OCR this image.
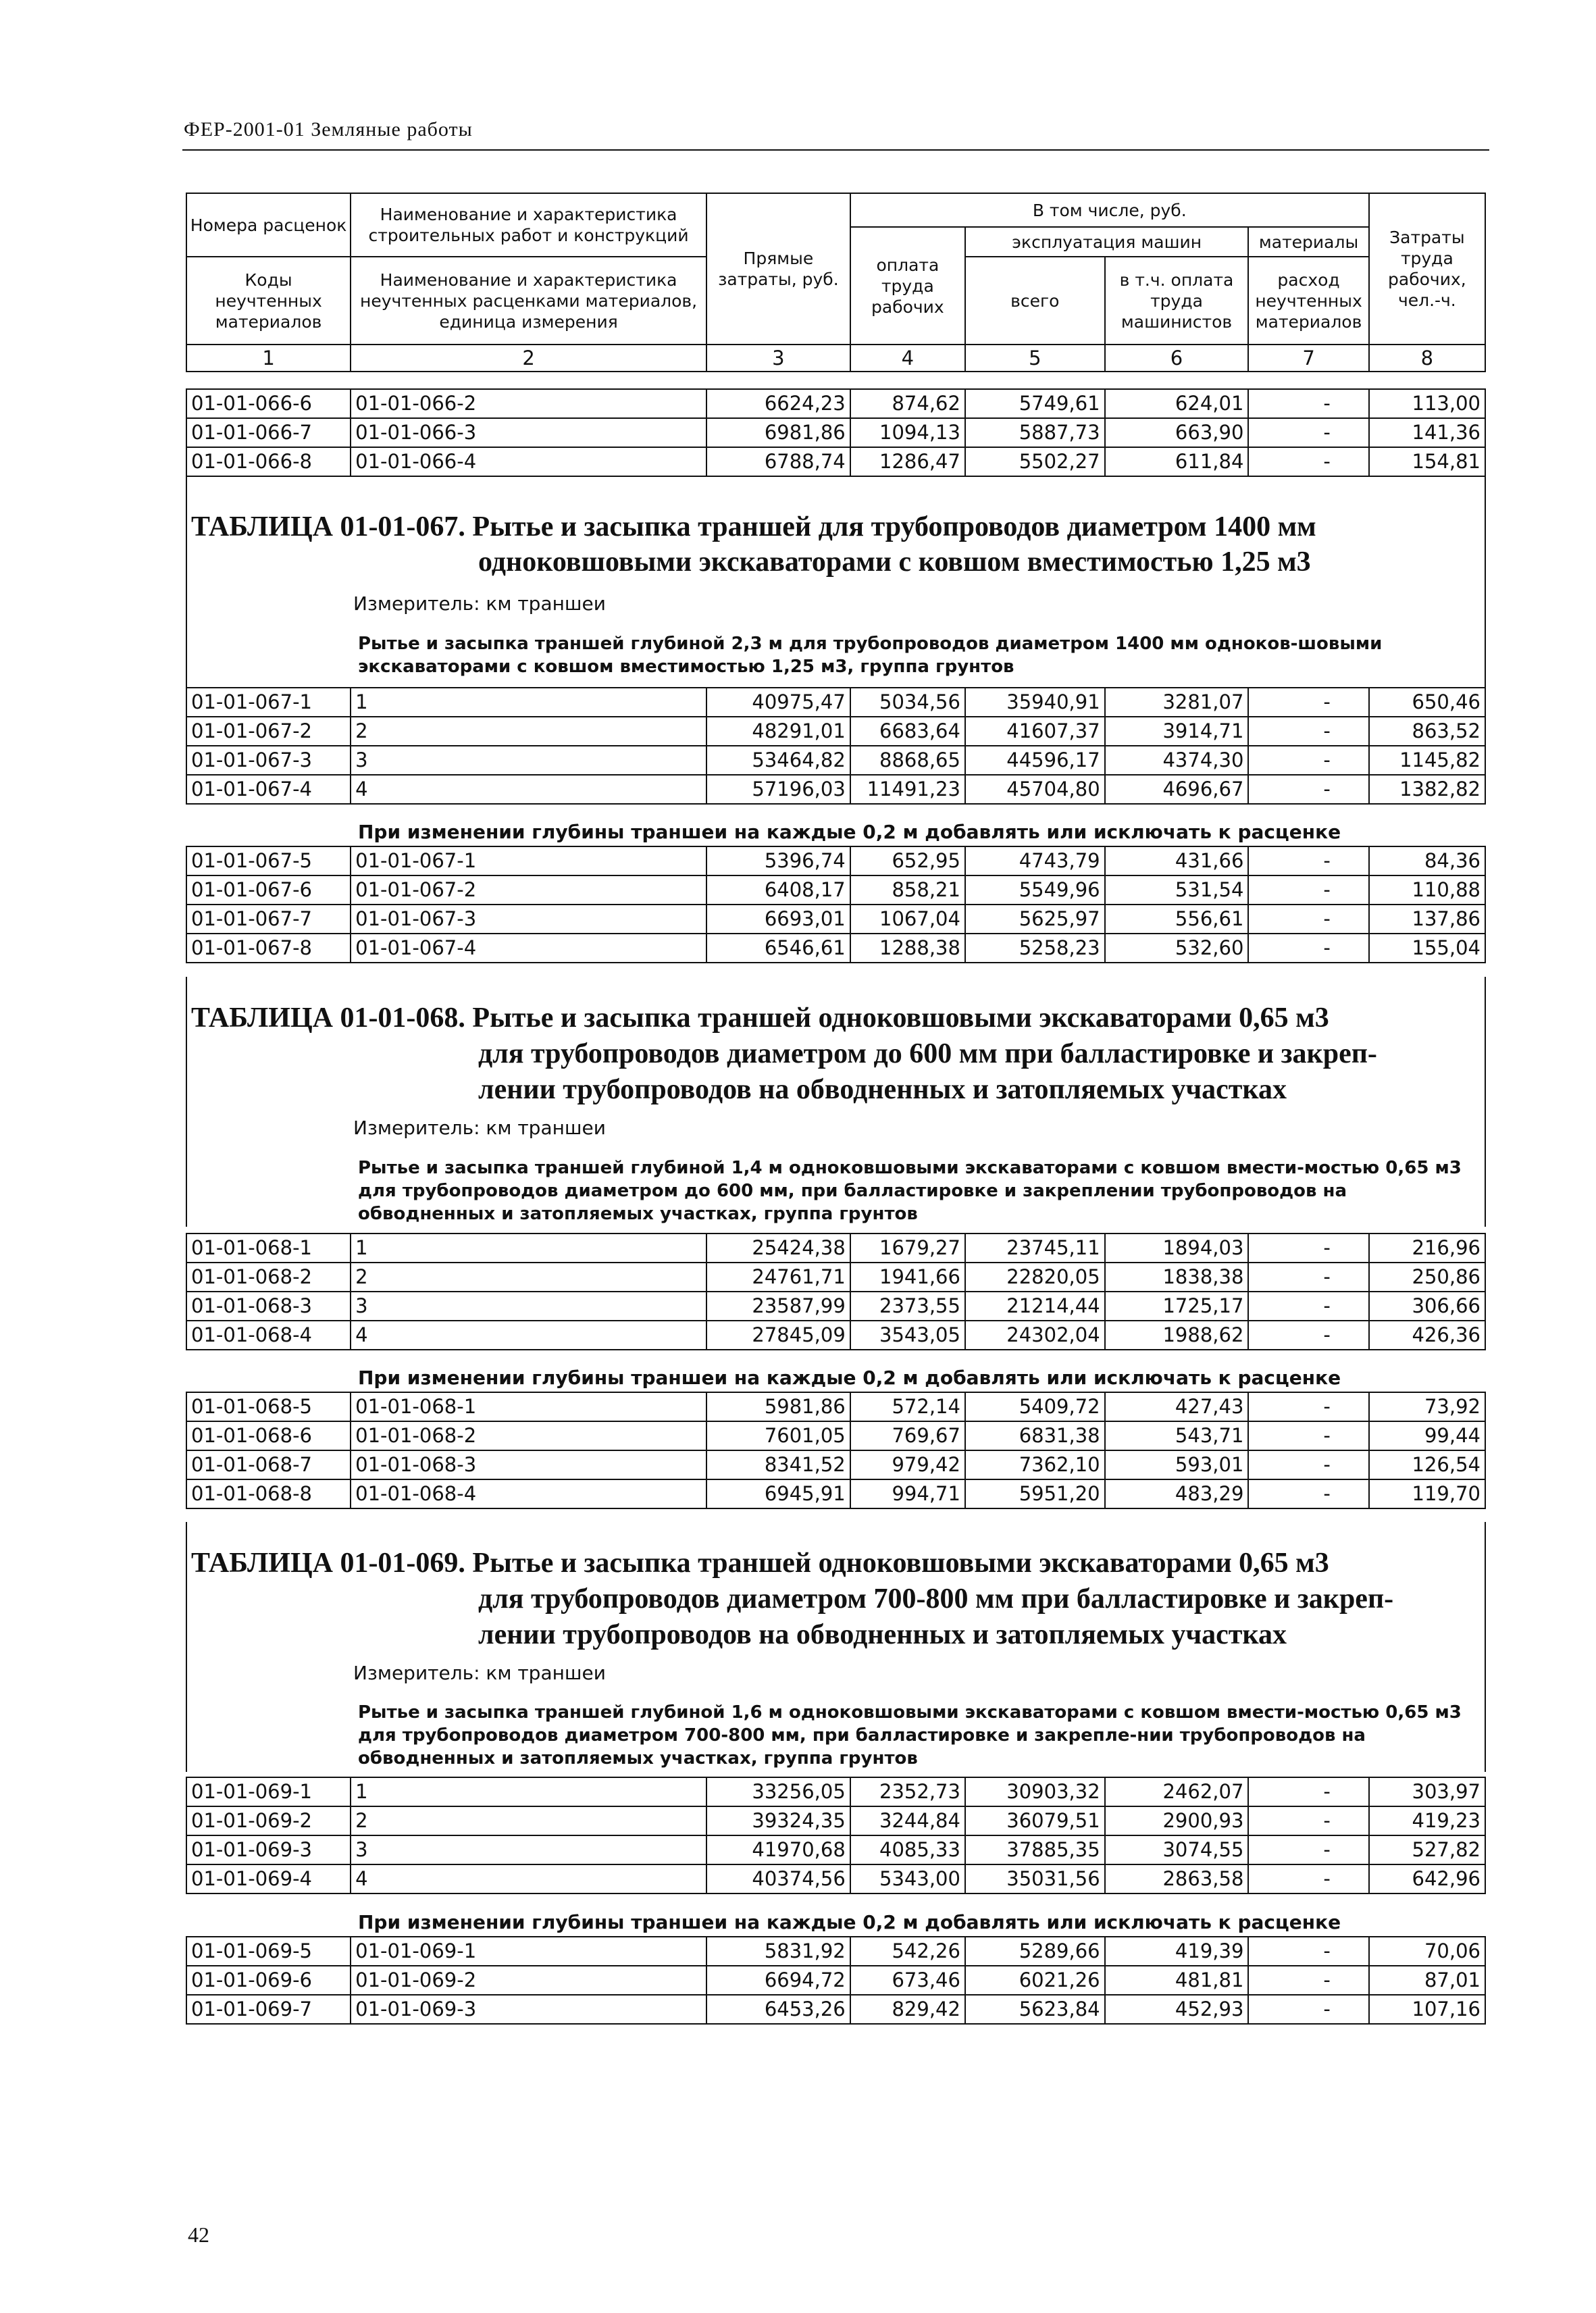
ФЕР-2001-01 Земляные работы
Номера расценок	Наименование и характеристика строительных работ и конструкций	Прямые затраты, руб.	В том числе, руб.				Затраты труда рабочих, чел.-ч.
			оплата труда рабочих	эксплуатация машин		материалы	
Коды неучтенных материалов	Наименование и характеристика неучтенных расценками материалов, единица измерения			всего	в т.ч. оплата труда машинистов	расход неучтенных материалов	

1	2	3	4	5	6	7	8
01-01-066-6	01-01-066-2	6624,23	874,62	5749,61	624,01	-	113,00
01-01-066-7	01-01-066-3	6981,86	1094,13	5887,73	663,90	-	141,36
01-01-066-8	01-01-066-4	6788,74	1286,47	5502,27	611,84	-	154,81
ТАБЛИЦА 01-01-067. Рытье и засыпка траншей для трубопроводов диаметром 1400 мм
одноковшовыми экскаваторами с ковшом вместимостью 1,25 м3
Измеритель: км траншеи
Рытье и засыпка траншей глубиной 2,3 м для трубопроводов диаметром 1400 мм одноков-шовыми экскаваторами с ковшом вместимостью 1,25 м3, группа грунтов
01-01-067-1	1	40975,47	5034,56	35940,91	3281,07	-	650,46
01-01-067-2	2	48291,01	6683,64	41607,37	3914,71	-	863,52
01-01-067-3	3	53464,82	8868,65	44596,17	4374,30	-	1145,82
01-01-067-4	4	57196,03	11491,23	45704,80	4696,67	-	1382,82
При изменении глубины траншеи на каждые 0,2 м добавлять или исключать к расценке
01-01-067-5	01-01-067-1	5396,74	652,95	4743,79	431,66	-	84,36
01-01-067-6	01-01-067-2	6408,17	858,21	5549,96	531,54	-	110,88
01-01-067-7	01-01-067-3	6693,01	1067,04	5625,97	556,61	-	137,86
01-01-067-8	01-01-067-4	6546,61	1288,38	5258,23	532,60	-	155,04
ТАБЛИЦА 01-01-068. Рытье и засыпка траншей одноковшовыми экскаваторами 0,65 м3
для трубопроводов диаметром до 600 мм при балластировке и закреп-
лении трубопроводов на обводненных и затопляемых участках
Измеритель: км траншеи
Рытье и засыпка траншей глубиной 1,4 м одноковшовыми экскаваторами с ковшом вмести-мостью 0,65 м3 для трубопроводов диаметром до 600 мм, при балластировке и закреплении трубопроводов на обводненных и затопляемых участках, группа грунтов
01-01-068-1	1	25424,38	1679,27	23745,11	1894,03	-	216,96
01-01-068-2	2	24761,71	1941,66	22820,05	1838,38	-	250,86
01-01-068-3	3	23587,99	2373,55	21214,44	1725,17	-	306,66
01-01-068-4	4	27845,09	3543,05	24302,04	1988,62	-	426,36
При изменении глубины траншеи на каждые 0,2 м добавлять или исключать к расценке
01-01-068-5	01-01-068-1	5981,86	572,14	5409,72	427,43	-	73,92
01-01-068-6	01-01-068-2	7601,05	769,67	6831,38	543,71	-	99,44
01-01-068-7	01-01-068-3	8341,52	979,42	7362,10	593,01	-	126,54
01-01-068-8	01-01-068-4	6945,91	994,71	5951,20	483,29	-	119,70
ТАБЛИЦА 01-01-069. Рытье и засыпка траншей одноковшовыми экскаваторами 0,65 м3
для трубопроводов диаметром 700-800 мм при балластировке и закреп-
лении трубопроводов на обводненных и затопляемых участках
Измеритель: км траншеи
Рытье и засыпка траншей глубиной 1,6 м одноковшовыми экскаваторами с ковшом вмести-мостью 0,65 м3 для трубопроводов диаметром 700-800 мм, при балластировке и закрепле-нии трубопроводов на обводненных и затопляемых участках, группа грунтов
01-01-069-1	1	33256,05	2352,73	30903,32	2462,07	-	303,97
01-01-069-2	2	39324,35	3244,84	36079,51	2900,93	-	419,23
01-01-069-3	3	41970,68	4085,33	37885,35	3074,55	-	527,82
01-01-069-4	4	40374,56	5343,00	35031,56	2863,58	-	642,96
При изменении глубины траншеи на каждые 0,2 м добавлять или исключать к расценке
01-01-069-5	01-01-069-1	5831,92	542,26	5289,66	419,39	-	70,06
01-01-069-6	01-01-069-2	6694,72	673,46	6021,26	481,81	-	87,01
01-01-069-7	01-01-069-3	6453,26	829,42	5623,84	452,93	-	107,16
42
